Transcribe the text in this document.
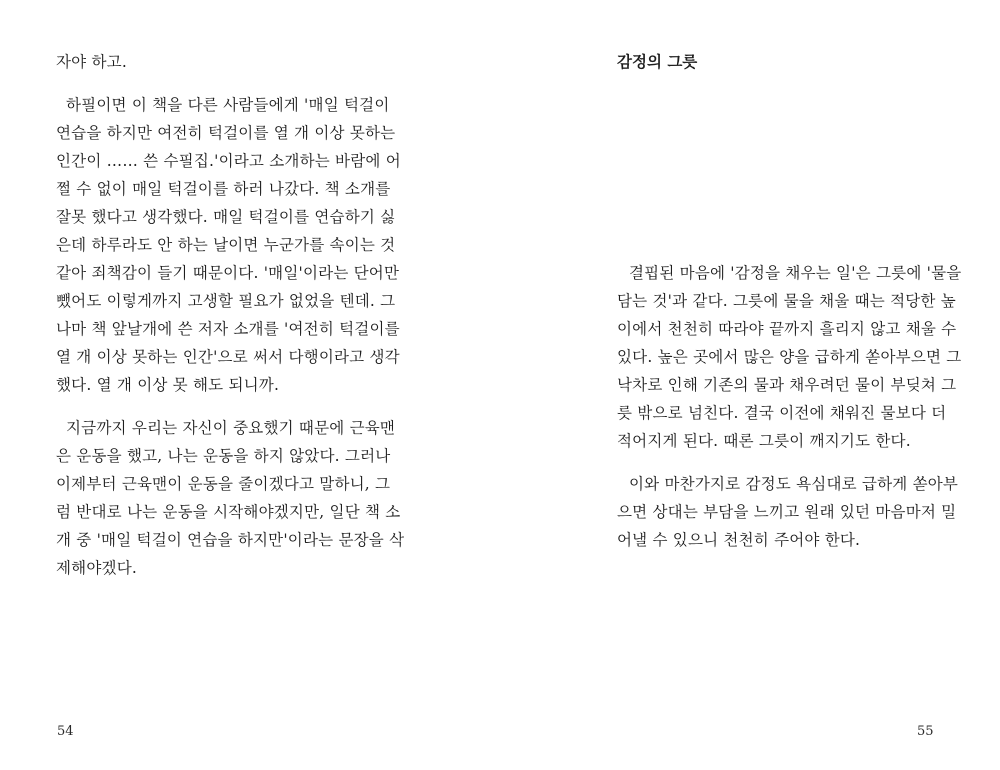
자야 하고.
하필이면 이 책을 다른 사람들에게 '매일 턱걸이
연습을 하지만 여전히 턱걸이를 열 개 이상 못하는
인간이 …… 쓴 수필집.'이라고 소개하는 바람에 어
쩔 수 없이 매일 턱걸이를 하러 나갔다. 책 소개를
잘못 했다고 생각했다. 매일 턱걸이를 연습하기 싫
은데 하루라도 안 하는 날이면 누군가를 속이는 것
같아 죄책감이 들기 때문이다. '매일'이라는 단어만
뺐어도 이렇게까지 고생할 필요가 없었을 텐데. 그
나마 책 앞날개에 쓴 저자 소개를 '여전히 턱걸이를
열 개 이상 못하는 인간'으로 써서 다행이라고 생각
했다. 열 개 이상 못 해도 되니까.
지금까지 우리는 자신이 중요했기 때문에 근육맨
은 운동을 했고, 나는 운동을 하지 않았다. 그러나
이제부터 근육맨이 운동을 줄이겠다고 말하니, 그
럼 반대로 나는 운동을 시작해야겠지만, 일단 책 소
개 중 '매일 턱걸이 연습을 하지만'이라는 문장을 삭
제해야겠다.
54
감정의 그릇
결핍된 마음에 '감정을 채우는 일'은 그릇에 '물을
담는 것'과 같다. 그릇에 물을 채울 때는 적당한 높
이에서 천천히 따라야 끝까지 흘리지 않고 채울 수
있다. 높은 곳에서 많은 양을 급하게 쏟아부으면 그
낙차로 인해 기존의 물과 채우려던 물이 부딪쳐 그
릇 밖으로 넘친다. 결국 이전에 채워진 물보다 더
적어지게 된다. 때론 그릇이 깨지기도 한다.
이와 마찬가지로 감정도 욕심대로 급하게 쏟아부
으면 상대는 부담을 느끼고 원래 있던 마음마저 밀
어낼 수 있으니 천천히 주어야 한다.
55
